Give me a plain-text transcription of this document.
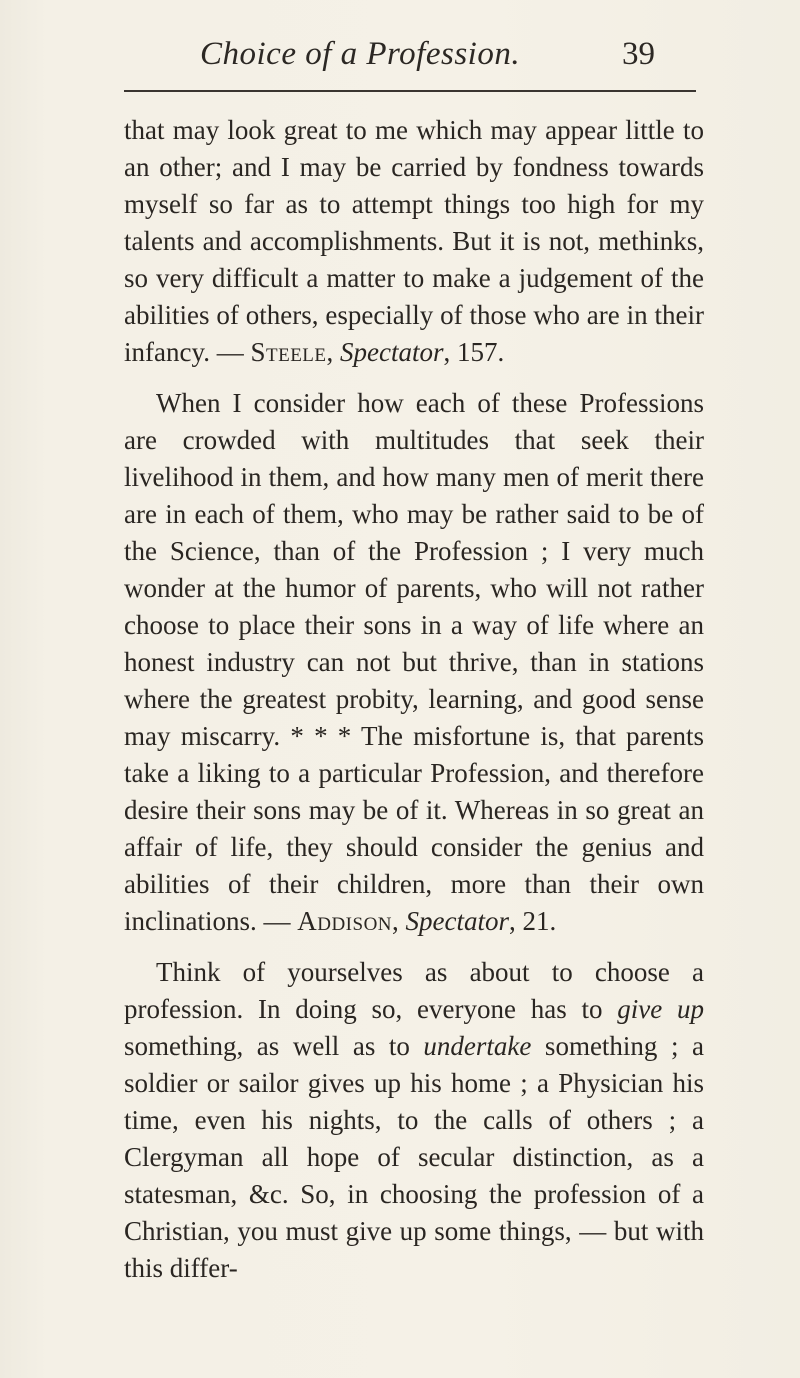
Choice of a Profession.	39

that may look great to me which may appear little to an other; and I may be carried by fondness towards myself so far as to attempt things too high for my talents and accomplishments. But it is not, methinks, so very difficult a matter to make a judgement of the abilities of others, especially of those who are in their infancy. — Steele, Spectator, 157.

When I consider how each of these Professions are crowded with multitudes that seek their livelihood in them, and how many men of merit there are in each of them, who may be rather said to be of the Science, than of the Profession ; I very much wonder at the humor of parents, who will not rather choose to place their sons in a way of life where an honest industry can not but thrive, than in stations where the greatest probity, learning, and good sense may miscarry. * * * The misfortune is, that parents take a liking to a particular Profession, and therefore desire their sons may be of it. Whereas in so great an affair of life, they should consider the genius and abilities of their children, more than their own inclinations. — Addison, Spectator, 21.

Think of yourselves as about to choose a profession. In doing so, everyone has to give up something, as well as to undertake something ; a soldier or sailor gives up his home ; a Physician his time, even his nights, to the calls of others ; a Clergyman all hope of secular distinction, as a statesman, &c. So, in choosing the profession of a Christian, you must give up some things, — but with this differ-
